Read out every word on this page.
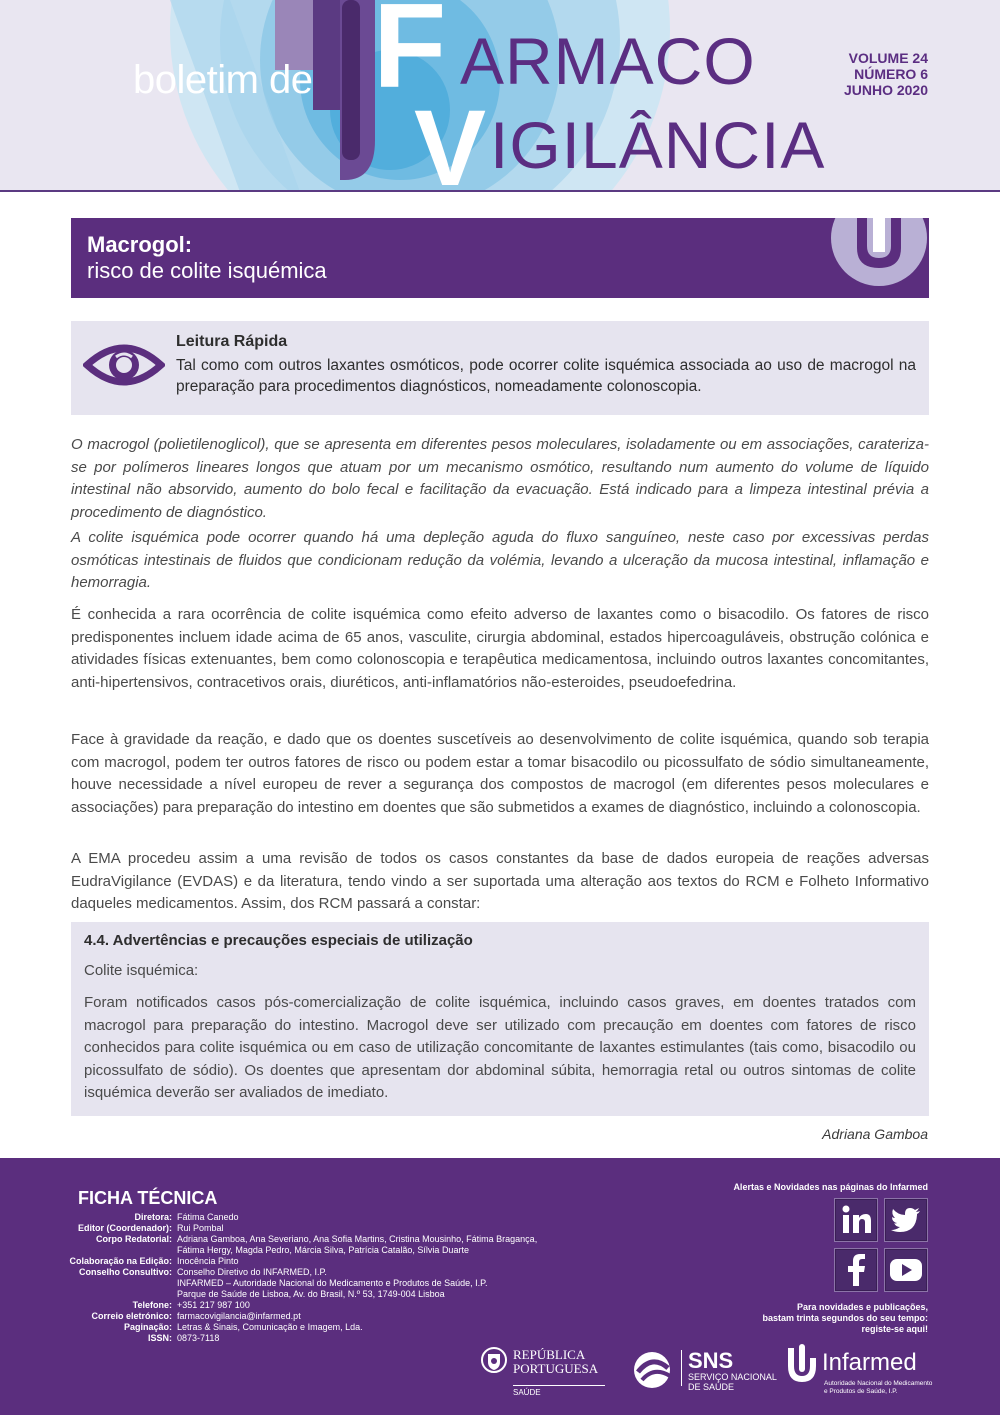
boletim de F ARMACO
V IGILÂNCIA
VOLUME 24
NÚMERO 6
JUNHO 2020
Macrogol:
risco de colite isquémica
Leitura Rápida
Tal como com outros laxantes osmóticos, pode ocorrer colite isquémica associada ao uso de macrogol na preparação para procedimentos diagnósticos, nomeadamente colonoscopia.
O macrogol (polietilenoglicol), que se apresenta em diferentes pesos moleculares, isoladamente ou em associações, carateriza-se por polímeros lineares longos que atuam por um mecanismo osmótico, resultando num aumento do volume de líquido intestinal não absorvido, aumento do bolo fecal e facilitação da evacuação. Está indicado para a limpeza intestinal prévia a procedimento de diagnóstico.
A colite isquémica pode ocorrer quando há uma depleção aguda do fluxo sanguíneo, neste caso por excessivas perdas osmóticas intestinais de fluidos que condicionam redução da volémia, levando a ulceração da mucosa intestinal, inflamação e hemorragia.
É conhecida a rara ocorrência de colite isquémica como efeito adverso de laxantes como o bisacodilo. Os fatores de risco predisponentes incluem idade acima de 65 anos, vasculite, cirurgia abdominal, estados hipercoaguláveis, obstrução colónica e atividades físicas extenuantes, bem como colonoscopia e terapêutica medicamentosa, incluindo outros laxantes concomitantes, anti-hipertensivos, contracetivos orais, diuréticos, anti-inflamatórios não-esteroides, pseudoefedrina.
Face à gravidade da reação, e dado que os doentes suscetíveis ao desenvolvimento de colite isquémica, quando sob terapia com macrogol, podem ter outros fatores de risco ou podem estar a tomar bisacodilo ou picossulfato de sódio simultaneamente, houve necessidade a nível europeu de rever a segurança dos compostos de macrogol (em diferentes pesos moleculares e associações) para preparação do intestino em doentes que são submetidos a exames de diagnóstico, incluindo a colonoscopia.
A EMA procedeu assim a uma revisão de todos os casos constantes da base de dados europeia de reações adversas EudraVigilance (EVDAS) e da literatura, tendo vindo a ser suportada uma alteração aos textos do RCM e Folheto Informativo daqueles medicamentos. Assim, dos RCM passará a constar:
4.4. Advertências e precauções especiais de utilização
Colite isquémica:
Foram notificados casos pós-comercialização de colite isquémica, incluindo casos graves, em doentes tratados com macrogol para preparação do intestino. Macrogol deve ser utilizado com precaução em doentes com fatores de risco conhecidos para colite isquémica ou em caso de utilização concomitante de laxantes estimulantes (tais como, bisacodilo ou picossulfato de sódio). Os doentes que apresentam dor abdominal súbita, hemorragia retal ou outros sintomas de colite isquémica deverão ser avaliados de imediato.
Adriana Gamboa
FICHA TÉCNICA
Diretora: Fátima Canedo
Editor (Coordenador): Rui Pombal
Corpo Redatorial: Adriana Gamboa, Ana Severiano, Ana Sofia Martins, Cristina Mousinho, Fátima Bragança,
Fátima Hergy, Magda Pedro, Márcia Silva, Patrícia Catalão, Sílvia Duarte
Colaboração na Edição: Inocência Pinto
Conselho Consultivo: Conselho Diretivo do INFARMED, I.P.
INFARMED – Autoridade Nacional do Medicamento e Produtos de Saúde, I.P.
Parque de Saúde de Lisboa, Av. do Brasil, N.º 53, 1749-004 Lisboa
Telefone: +351 217 987 100
Correio eletrónico: farmacovigilancia@infarmed.pt
Paginação: Letras & Sinais, Comunicação e Imagem, Lda.
ISSN: 0873-7118
Alertas e Novidades nas páginas do Infarmed
Para novidades e publicações,
bastam trinta segundos do seu tempo:
registe-se aqui!
REPÚBLICA
PORTUGUESA
SAÚDE
SNS
SERVIÇO NACIONAL
DE SAÚDE
Infarmed
Autoridade Nacional do Medicamento e Produtos de Saúde, I.P.
